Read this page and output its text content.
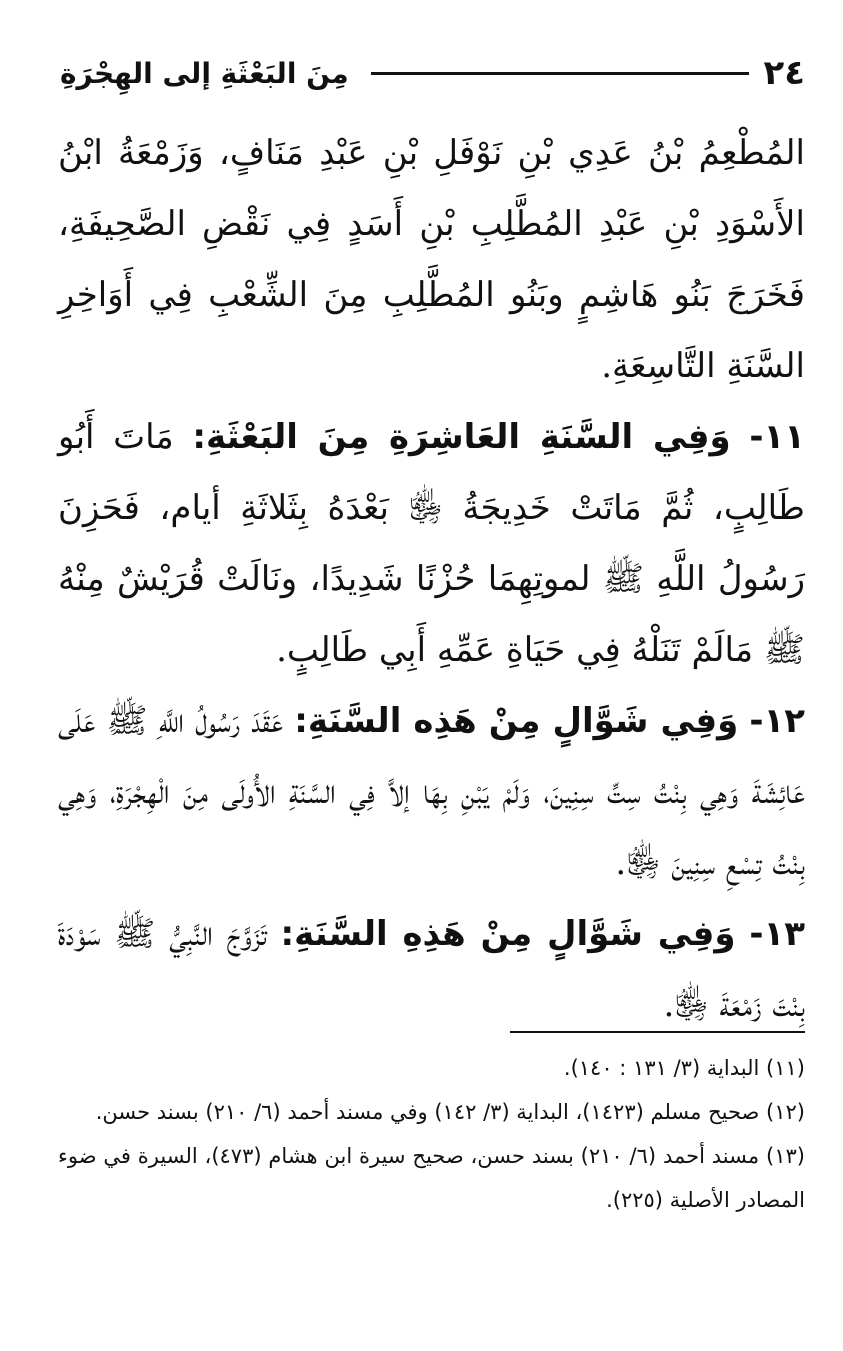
٢٤
مِنَ البَعْثَةِ إلى الهِجْرَةِ

المُطْعِمُ بْنُ عَدِي بْنِ نَوْفَلِ بْنِ عَبْدِ مَنَافٍ، وَزَمْعَةُ ابْنُ الأَسْوَدِ بْنِ عَبْدِ المُطَّلِبِ بْنِ أَسَدٍ فِي نَقْضِ الصَّحِيفَةِ، فَخَرَجَ بَنُو هَاشِمٍ وبَنُو المُطَّلِبِ مِنَ الشِّعْبِ فِي أَوَاخِرِ السَّنَةِ التَّاسِعَةِ.

١١- وَفِي السَّنَةِ العَاشِرَةِ مِنَ البَعْثَةِ: مَاتَ أَبُو طَالِبٍ، ثُمَّ مَاتَتْ خَدِيجَةُ ﵂ بَعْدَهُ بِثَلاثَةِ أيام، فَحَزِنَ رَسُولُ اللَّهِ ﷺ لموتِهِمَا حُزْنًا شَدِيدًا، ونَالَتْ قُرَيْشٌ مِنْهُ ﷺ مَالَمْ تَنَلْهُ فِي حَيَاةِ عَمِّهِ أَبِي طَالِبٍ.

١٢- وَفِي شَوَّالٍ مِنْ هَذِه السَّنَةِ: عَقَدَ رَسُولُ اللَّهِ ﷺ عَلَى عَائِشَةَ وَهِي بِنْتُ سِتِّ سِنِينَ، وَلَمْ يَبْنِ بِهَا إلاَّ فِي السَّنَةِ الأُولَى مِنَ الْهِجْرَةِ، وَهِي بِنْتُ تِسْعِ سِنِينَ ﵂.

١٣- وَفِي شَوَّالٍ مِنْ هَذِهِ السَّنَةِ: تَزَوَّجَ النَّبِيُّ ﷺ سَوْدَةَ بِنْتَ زَمْعَةَ ﵂.

(١١) البداية (٣/ ١٣١ : ١٤٠).

(١٢) صحيح مسلم (١٤٢٣)، البداية (٣/ ١٤٢) وفي مسند أحمد (٦/ ٢١٠) بسند حسن.

(١٣) مسند أحمد (٦/ ٢١٠) بسند حسن، صحيح سيرة ابن هشام (٤٧٣)، السيرة في ضوء المصادر الأصلية (٢٢٥).
